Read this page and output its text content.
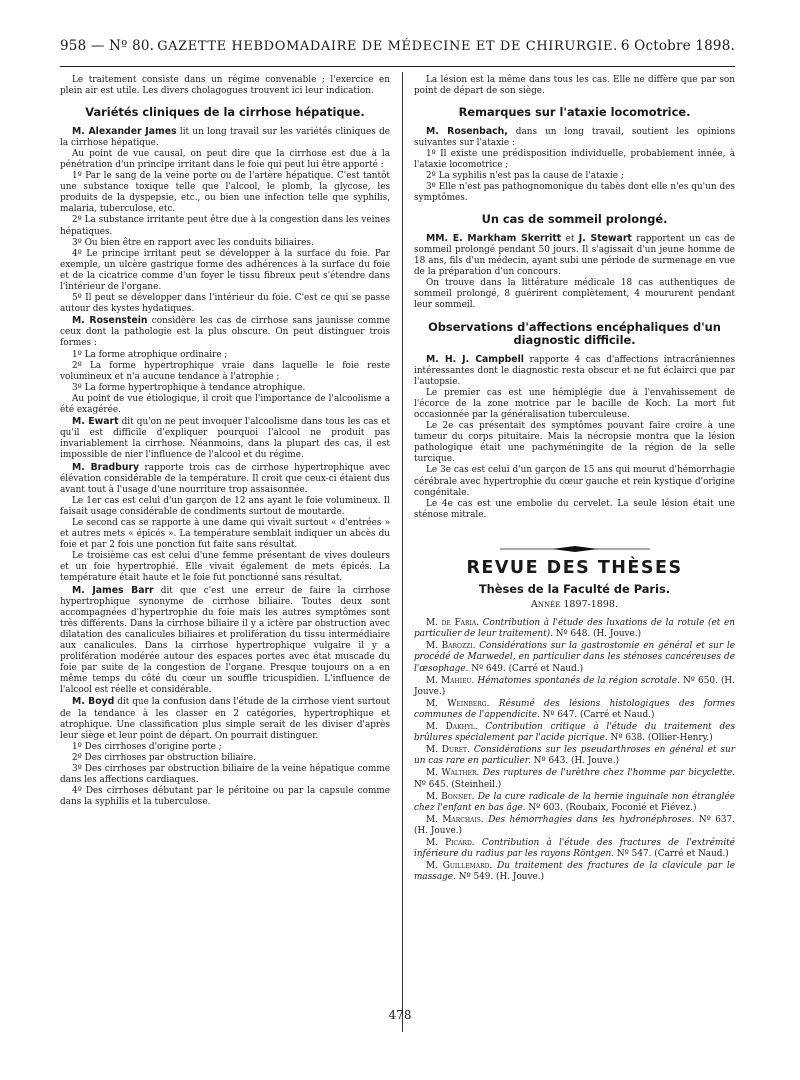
958 — Nº 80. GAZETTE HEBDOMADAIRE DE MÉDECINE ET DE CHIRURGIE. 6 Octobre 1898.

Le traitement consiste dans un régime convenable ; l'exercice en plein air est utile. Les divers cholagogues trouvent ici leur indication.

Variétés cliniques de la cirrhose hépatique.

M. Alexander James lit un long travail sur les variétés cliniques de la cirrhose hépatique.

Au point de vue causal, on peut dire que la cirrhose est due à la pénétration d'un principe irritant dans le foie qui peut lui être apporté :

1º Par le sang de la veine porte ou de l'artère hépatique. C'est tantôt une substance toxique telle que l'alcool, le plomb, la glycose, les produits de la dyspepsie, etc., ou bien une infection telle que syphilis, malaria, tuberculose, etc.

2º La substance irritante peut être due à la congestion dans les veines hépatiques.

3º Ou bien être en rapport avec les conduits biliaires.

4º Le principe irritant peut se développer à la surface du foie. Par exemple, un ulcère gastrique forme des adhérences à la surface du foie et de la cicatrice comme d'un foyer le tissu fibreux peut s'étendre dans l'intérieur de l'organe.

5º Il peut se développer dans l'intérieur du foie. C'est ce qui se passe autour des kystes hydatiques.

M. Rosenstein considère les cas de cirrhose sans jaunisse comme ceux dont la pathologie est la plus obscure. On peut distinguer trois formes :

1º La forme atrophique ordinaire ;

2º La forme hypertrophique vraie dans laquelle le foie reste volumineux et n'a aucune tendance à l'atrophie ;

3º La forme hypertrophique à tendance atrophique.

Au point de vue étiologique, il croit que l'importance de l'alcoolisme a été exagérée.

M. Ewart dit qu'on ne peut invoquer l'alcoolisme dans tous les cas et qu'il est difficile d'expliquer pourquoi l'alcool ne produit pas invariablement la cirrhose. Néanmoins, dans la plupart des cas, il est impossible de nier l'influence de l'alcool et du régime.

M. Bradbury rapporte trois cas de cirrhose hypertrophique avec élévation considérable de la température. Il croit que ceux-ci étaient dus avant tout à l'usage d'une nourriture trop assaisonnée.

Le 1er cas est celui d'un garçon de 12 ans ayant le foie volumineux. Il faisait usage considérable de condiments surtout de moutarde.

Le second cas se rapporte à une dame qui vivait surtout « d'entrées » et autres mets « épicés ». La température semblait indiquer un abcès du foie et par 2 fois une ponction fut faite sans résultat.

Le troisième cas est celui d'une femme présentant de vives douleurs et un foie hypertrophié. Elle vivait également de mets épicés. La température était haute et le foie fut ponctionné sans résultat.

M. James Barr dit que c'est une erreur de faire la cirrhose hypertrophique synonyme de cirrhose biliaire. Toutes deux sont accompagnées d'hypertrophie du foie mais les autres symptômes sont très différents. Dans la cirrhose biliaire il y a ictère par obstruction avec dilatation des canalicules biliaires et prolifération du tissu intermédiaire aux canalicules. Dans la cirrhose hypertrophique vulgaire il y a prolifération modérée autour des espaces portes avec état muscade du foie par suite de la congestion de l'organe. Presque toujours on a en même temps du côté du cœur un souffle tricuspidien. L'influence de l'alcool est réelle et considérable.

M. Boyd dit que la confusion dans l'étude de la cirrhose vient surtout de la tendance à les classer en 2 catégories, hypertrophique et atrophique. Une classification plus simple serait de les diviser d'après leur siège et leur point de départ. On pourrait distinguer.

1º Des cirrhoses d'origine porte ;

2º Des cirrhoses par obstruction biliaire.

3º Des cirrhoses par obstruction biliaire de la veine hépatique comme dans les affections cardiaques.

4º Des cirrhoses débutant par le péritoine ou par la capsule comme dans la syphilis et la tuberculose.

La lésion est la même dans tous les cas. Elle ne diffère que par son point de départ de son siège.

Remarques sur l'ataxie locomotrice.

M. Rosenbach, dans un long travail, soutient les opinions suivantes sur l'ataxie :

1º Il existe une prédisposition individuelle, probablement innée, à l'ataxie locomotrice ;

2º La syphilis n'est pas la cause de l'ataxie ;

3º Elle n'est pas pathognomonique du tabès dont elle n'es qu'un des symptômes.

Un cas de sommeil prolongé.

MM. E. Markham Skerritt et J. Stewart rapportent un cas de sommeil prolongé pendant 50 jours. Il s'agissait d'un jeune homme de 18 ans, fils d'un médecin, ayant subi une période de surmenage en vue de la préparation d'un concours.

On trouve dans la littérature médicale 18 cas authentiques de sommeil prolongé, 8 guérirent complètement, 4 moururent pendant leur sommeil.

Observations d'affections encéphaliques d'un diagnostic difficile.

M. H. J. Campbell rapporte 4 cas d'affections intracrâniennes intéressantes dont le diagnostic resta obscur et ne fut éclairci que par l'autopsie.

Le premier cas est une hémiplégie due à l'envahissement de l'écorce de la zone motrice par le bacille de Koch. La mort fut occasionnée par la généralisation tuberculeuse.

Le 2e cas présentait des symptômes pouvant faire croire à une tumeur du corps pituitaire. Mais la nécropsie montra que la lésion pathologique était une pachyméningite de la région de la selle turcique.

Le 3e cas est celui d'un garçon de 15 ans qui mourut d'hémorrhagie cérébrale avec hypertrophie du cœur gauche et rein kystique d'origine congénitale.

Le 4e cas est une embolie du cervelet. La seule lésion était une sténose mitrale.

REVUE DES THÈSES
Thèses de la Faculté de Paris.
Année 1897-1898.

M. de Faria. Contribution à l'étude des luxations de la rotule (et en particulier de leur traitement). Nº 648. (H. Jouve.)

M. Barozzi. Considérations sur la gastrostomie en général et sur le procédé de Marwedel, en particulier dans les sténoses cancéreuses de l'œsophage. Nº 649. (Carré et Naud.)

M. Mahieu. Hématomes spontanés de la région scrotale. Nº 650. (H. Jouve.)

M. Weinberg. Résumé des lésions histologiques des formes communes de l'appendicite. Nº 647. (Carré et Naud.)

M. Dakhyl. Contribution critique à l'étude du traitement des brûlures spécialement par l'acide picrique. Nº 638. (Ollier-Henry.)

M. Duret. Considérations sur les pseudarthroses en général et sur un cas rare en particulier. Nº 643. (H. Jouve.)

M. Walther. Des ruptures de l'urèthre chez l'homme par bicyclette. Nº 645. (Steinheil.)

M. Bonnet. De la cure radicale de la hernie inguinale non étranglée chez l'enfant en bas âge. Nº 603. (Roubaix, Foconié et Fiévez.)

M. Marchais. Des hémorrhagies dans les hydronéphroses. Nº 637. (H. Jouve.)

M. Picard. Contribution à l'étude des fractures de l'extrémité inférieure du radius par les rayons Röntgen. Nº 547. (Carré et Naud.)

M. Guillemard. Du traitement des fractures de la clavicule par le massage. Nº 549. (H. Jouve.)

478
